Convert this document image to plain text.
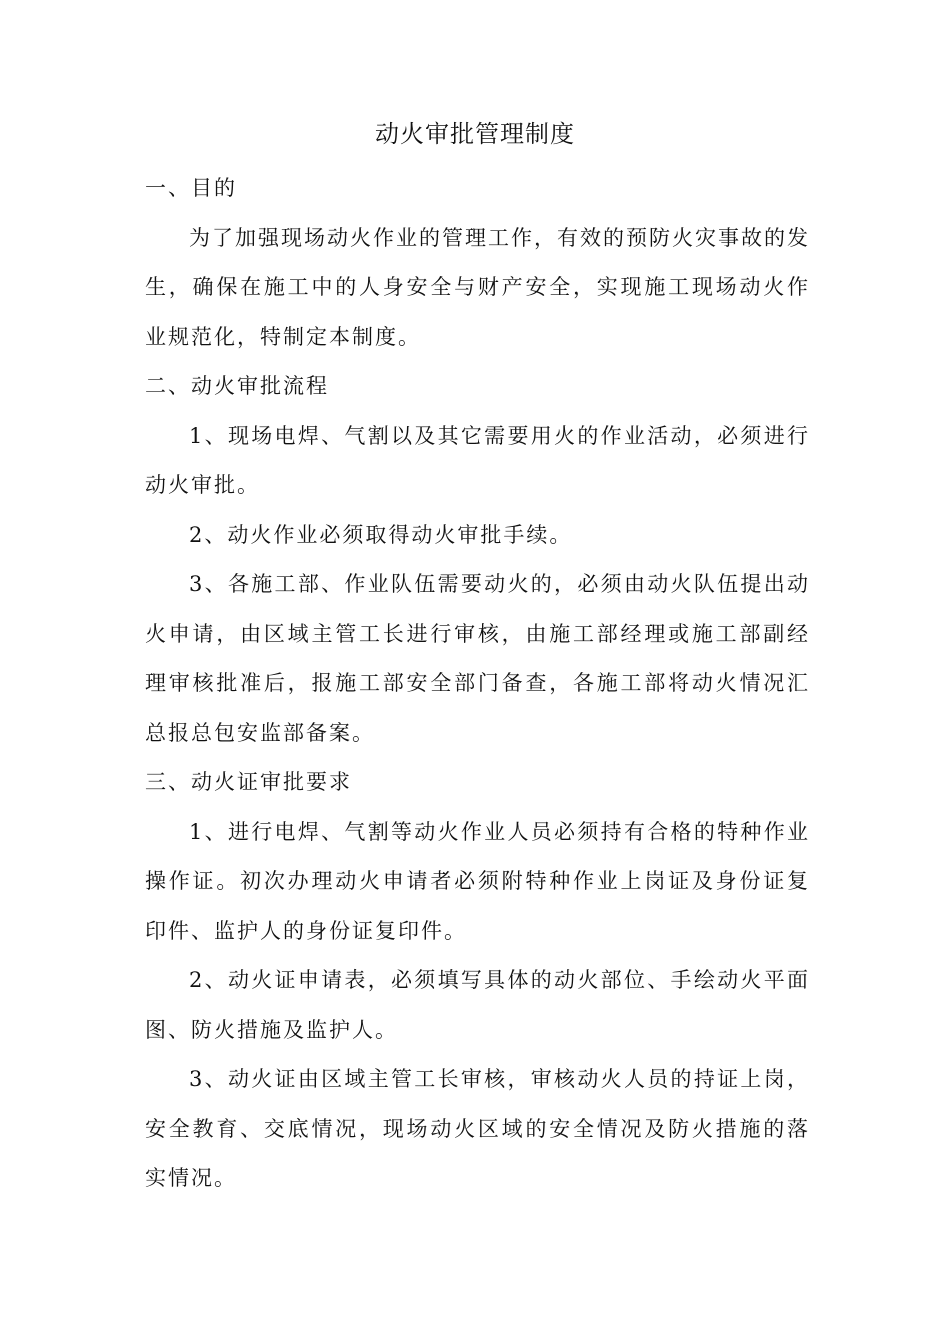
动火审批管理制度

一、目的

为了加强现场动火作业的管理工作，有效的预防火灾事故的发生，确保在施工中的人身安全与财产安全，实现施工现场动火作业规范化，特制定本制度。

二、动火审批流程

1、现场电焊、气割以及其它需要用火的作业活动，必须进行动火审批。

2、动火作业必须取得动火审批手续。

3、各施工部、作业队伍需要动火的，必须由动火队伍提出动火申请，由区域主管工长进行审核，由施工部经理或施工部副经理审核批准后，报施工部安全部门备查，各施工部将动火情况汇总报总包安监部备案。

三、动火证审批要求

1、进行电焊、气割等动火作业人员必须持有合格的特种作业操作证。初次办理动火申请者必须附特种作业上岗证及身份证复印件、监护人的身份证复印件。

2、动火证申请表，必须填写具体的动火部位、手绘动火平面图、防火措施及监护人。

3、动火证由区域主管工长审核，审核动火人员的持证上岗，安全教育、交底情况，现场动火区域的安全情况及防火措施的落实情况。
